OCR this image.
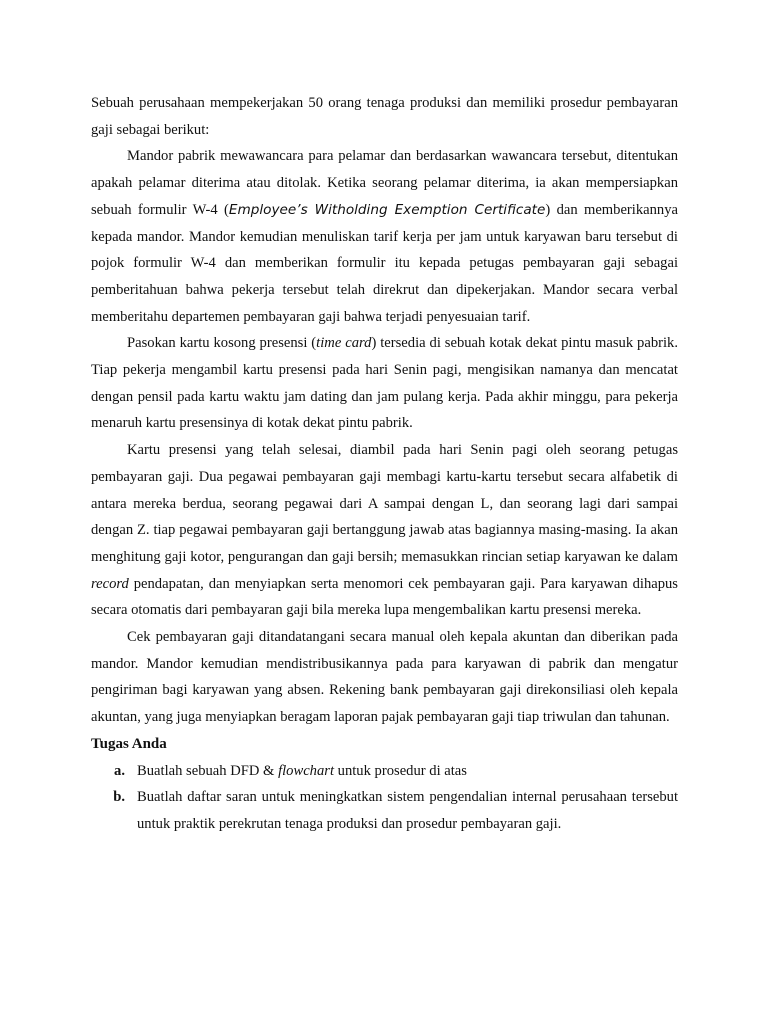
Sebuah perusahaan mempekerjakan 50 orang tenaga produksi dan memiliki prosedur pembayaran gaji sebagai berikut:

Mandor pabrik mewawancara para pelamar dan berdasarkan wawancara tersebut, ditentukan apakah pelamar diterima atau ditolak. Ketika seorang pelamar diterima, ia akan mempersiapkan sebuah formulir W-4 (Employee’s Witholding Exemption Certificate) dan memberikannya kepada mandor. Mandor kemudian menuliskan tarif kerja per jam untuk karyawan baru tersebut di pojok formulir W-4 dan memberikan formulir itu kepada petugas pembayaran gaji sebagai pemberitahuan bahwa pekerja tersebut telah direkrut dan dipekerjakan. Mandor secara verbal memberitahu departemen pembayaran gaji bahwa terjadi penyesuaian tarif.

Pasokan kartu kosong presensi (time card) tersedia di sebuah kotak dekat pintu masuk pabrik. Tiap pekerja mengambil kartu presensi pada hari Senin pagi, mengisikan namanya dan mencatat dengan pensil pada kartu waktu jam dating dan jam pulang kerja. Pada akhir minggu, para pekerja menaruh kartu presensinya di kotak dekat pintu pabrik.

Kartu presensi yang telah selesai, diambil pada hari Senin pagi oleh seorang petugas pembayaran gaji. Dua pegawai pembayaran gaji membagi kartu-kartu tersebut secara alfabetik di antara mereka berdua, seorang pegawai dari A sampai dengan L, dan seorang lagi dari sampai dengan Z. tiap pegawai pembayaran gaji bertanggung jawab atas bagiannya masing-masing. Ia akan menghitung gaji kotor, pengurangan dan gaji bersih; memasukkan rincian setiap karyawan ke dalam record pendapatan, dan menyiapkan serta menomori cek pembayaran gaji. Para karyawan dihapus secara otomatis dari pembayaran gaji bila mereka lupa mengembalikan kartu presensi mereka.

Cek pembayaran gaji ditandatangani secara manual oleh kepala akuntan dan diberikan pada mandor. Mandor kemudian mendistribusikannya pada para karyawan di pabrik dan mengatur pengiriman bagi karyawan yang absen. Rekening bank pembayaran gaji direkonsiliasi oleh kepala akuntan, yang juga menyiapkan beragam laporan pajak pembayaran gaji tiap triwulan dan tahunan.

Tugas Anda

a. Buatlah sebuah DFD & flowchart untuk prosedur di atas
b. Buatlah daftar saran untuk meningkatkan sistem pengendalian internal perusahaan tersebut untuk praktik perekrutan tenaga produksi dan prosedur pembayaran gaji.
